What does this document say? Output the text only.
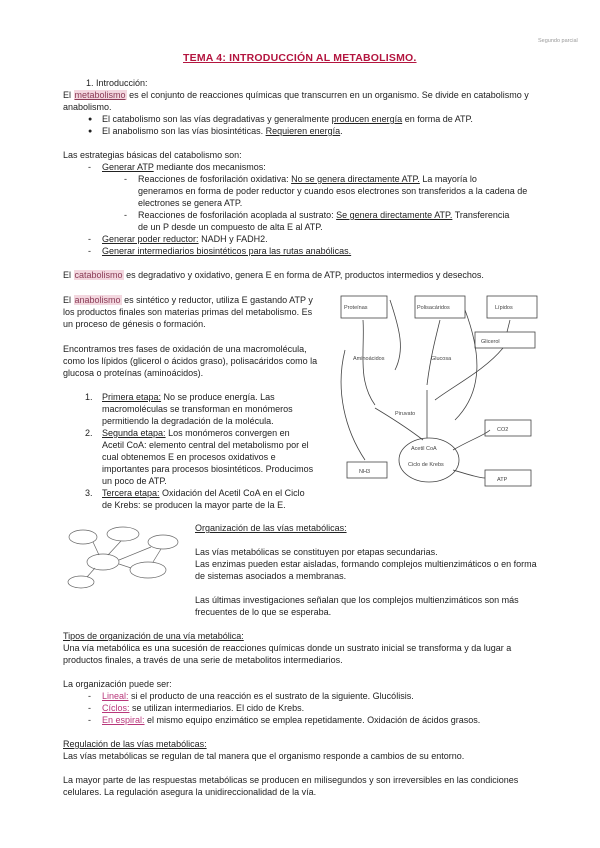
Segundo parcial
TEMA 4: INTRODUCCIÓN AL METABOLISMO.
1. Introducción:
El metabolismo es el conjunto de reacciones químicas que transcurren en un organismo. Se divide en catabolismo y
anabolismo.
● El catabolismo son las vías degradativas y generalmente producen energía en forma de ATP.
● El anabolismo son las vías biosintéticas. Requieren energía.
Las estrategias básicas del catabolismo son:
- Generar ATP mediante dos mecanismos:
- Reacciones de fosforilación oxidativa: No se genera directamente ATP. La mayoría lo
generamos en forma de poder reductor y cuando esos electrones son transferidos a la cadena de
electrones se genera ATP.
- Reacciones de fosforilación acoplada al sustrato: Se genera directamente ATP. Transferencia
de un P desde un compuesto de alta E al ATP.
- Generar poder reductor: NADH y FADH2.
- Generar intermediarios biosintéticos para las rutas anabólicas.
El catabolismo es degradativo y oxidativo, genera E en forma de ATP, productos intermedios y desechos.
El anabolismo es sintético y reductor, utiliza E gastando ATP y
los productos finales son materias primas del metabolismo. Es
un proceso de génesis o formación.
Encontramos tres fases de oxidación de una macromolécula,
como los lípidos (glicerol o ácidos graso), polisacáridos como la
glucosa o proteínas (aminoácidos).
1. Primera etapa: No se produce energía. Las
macromoléculas se transforman en monómeros
permitiendo la degradación de la molécula.
2. Segunda etapa: Los monómeros convergen en
Acetil CoA: elemento central del metabolismo por el
cual obtenemos E en procesos oxidativos e
importantes para procesos biosintéticos. Producimos
un poco de ATP.
3. Tercera etapa: Oxidación del Acetil CoA en el Ciclo
de Krebs: se producen la mayor parte de la E.
Proteínas	Polisacáridos	Lípidos
Aminoácidos	Glucosa
Glicerol
Piruvato
Acetil CoA
Ciclo de Krebs
NH3
CO2
ATP
Organización de las vías metabólicas:
Las vías metabólicas se constituyen por etapas secundarias.
Las enzimas pueden estar aisladas, formando complejos multienzimáticos o en forma
de sistemas asociados a membranas.
Las últimas investigaciones señalan que los complejos multienzimáticos son más
frecuentes de lo que se esperaba.
Tipos de organización de una vía metabólica:
Una vía metabólica es una sucesión de reacciones químicas donde un sustrato inicial se transforma y da lugar a
productos finales, a través de una serie de metabolitos intermediarios.
La organización puede ser:
- Lineal: si el producto de una reacción es el sustrato de la siguiente. Glucólisis.
- Cíclos: se utilizan intermediarios. El cido de Krebs.
- En espiral: el mismo equipo enzimático se emplea repetidamente. Oxidación de ácidos grasos.
Regulación de las vías metabólicas:
Las vías metabólicas se regulan de tal manera que el organismo responde a cambios de su entorno.
La mayor parte de las respuestas metabólicas se producen en milisegundos y son irreversibles en las condiciones
celulares. La regulación asegura la unidireccionalidad de la vía.
